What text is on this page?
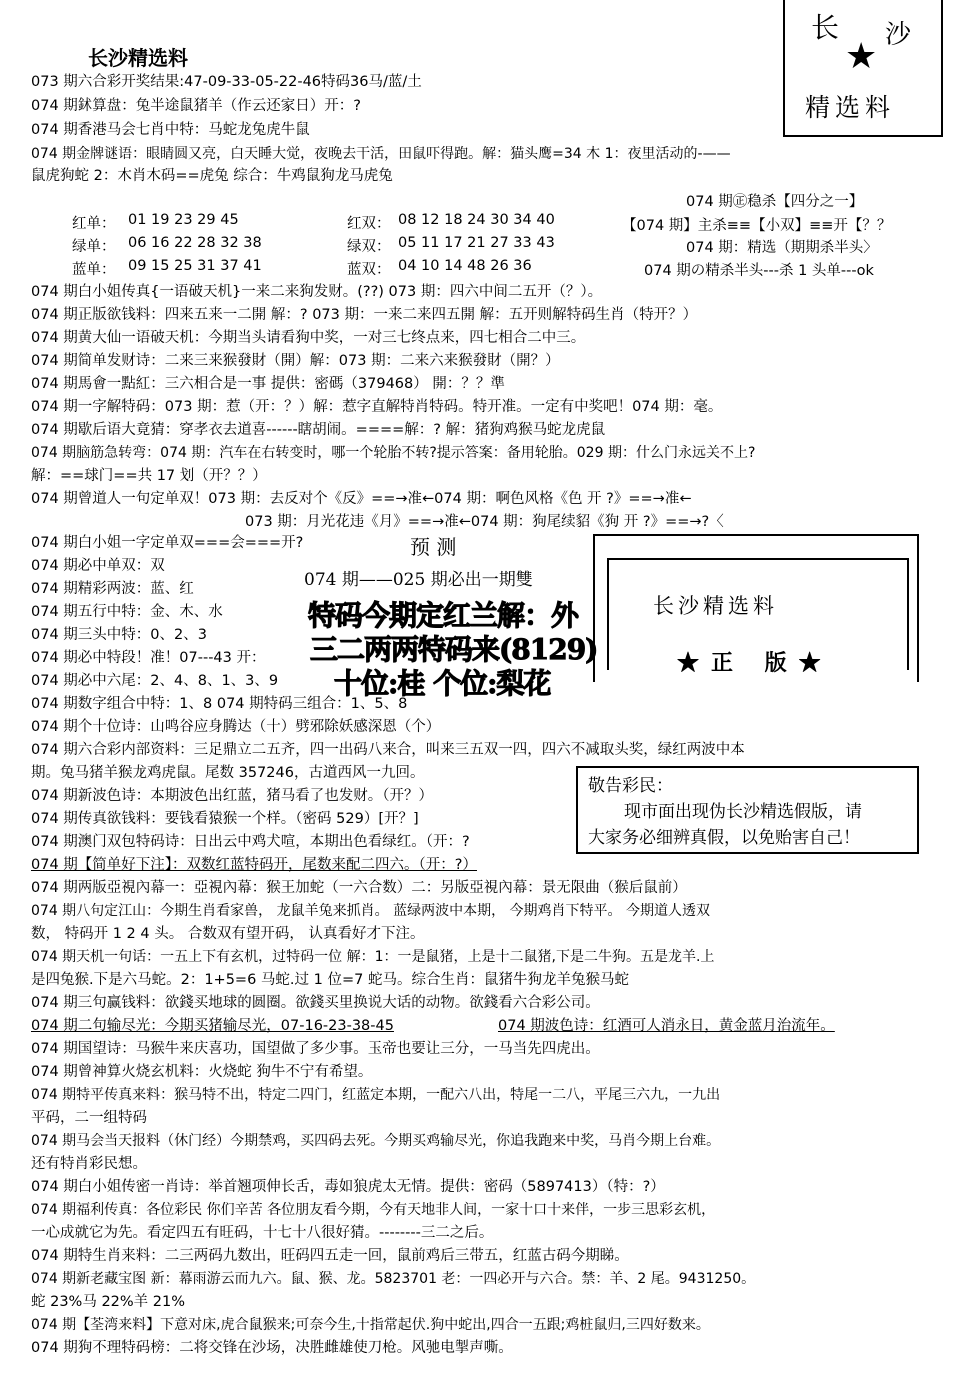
长 沙
★
精选料
长沙精选料
073 期六合彩开奖结果:47-09-33-05-22-46特码36马/蓝/土
074 期鉥算盘：兔半途鼠猪羊（作云还家日）开：?
074 期香港马会七肖中特：马蛇龙兔虎牛鼠
074 期金牌谜语：眼睛圆又亮，白天睡大觉，夜晚去干活，田鼠吓得跑。解：猫头鹰=34 木 1：夜里活动的-——
鼠虎狗蛇 2：木肖木码==虎兔 综合：牛鸡鼠狗龙马虎兔
074 期㊣稳杀【四分之一】
【074 期】主杀≡≡【小双】≡≡开【？？
074 期：精选（期期杀半头〉
074 期の精杀半头---杀 1 头单---ok
红单： 01 19 23 29 45
绿单： 06 16 22 28 32 38
蓝单： 09 15 25 31 37 41
红双： 08 12 18 24 30 34 40
绿双： 05 11 17 21 27 33 43
蓝双： 04 10 14 48 26 36
074 期白小姐传真{一语破天机}一来二来狗发财。(??) 073 期：四六中间二五开（？）。
074 期正版欲钱料：四来五来一二開 解：? 073 期：一来二来四五開 解：五开则解特码生肖（特开？）
074 期黄大仙一语破天机：今期当头请看狗中奖，一对三七终点来，四七相合二中三。
074 期简单发财诗：二来三来猴發財（開）解：073 期：二来六来猴發財（開？）
074 期馬會一點紅：三六相合是一事 提供：密碼（379468） 開：？？準
074 期一字解特码：073 期：惹（开：？）解：惹字直解特肖特码。特开准。一定有中奖吧！074 期：毫。
074 期歇后语大竟猜：穿孝衣去道喜------瞎胡闹。====解：? 解：猪狗鸡猴马蛇龙虎鼠
074 期脑筋急转弯：074 期：汽车在右转变时，哪一个轮胎不转?提示答案：备用轮胎。029 期：什么门永远关不上?
解：==球门==共 17 划（开？？）
074 期曾道人一句定单双！073 期：去反对个《反》==→准←074 期：啊色风格《色 开 ?》==→准←
073 期：月光花违《月》==→准←074 期：狗尾续貂《狗 开 ?》==→?〈
074 期白小姐一字定单双===会===开?
074 期必中单双：双
074 期精彩两波：蓝、红
074 期五行中特：金、木、水
074 期三头中特：0、2、3
074 期必中特段！准！07---43 开：
074 期必中六尾：2、4、8、1、3、9
074 期数字组合中特：1、8 074 期特码三组合：1、5、8
074 期个十位诗：山鸣谷应身腾达（十）劈邪除妖感深恩（个）
预 测
074 期——025 期必出一期雙
特码今期定红兰解：外
三二两两特码来(8129)
十位:桂 个位:梨花
长沙精选料
★正 版★
074 期六合彩内部资料：三足鼎立二五齐，四一出码八来合，叫来三五双一四，四六不减取头奖，绿红两波中本
期。兔马猪羊猴龙鸡虎鼠。尾数 357246，古道西风一九回。
074 期新波色诗：本期波色出红蓝，猪马看了也发财。（开？）
074 期传真欲钱料：要钱看猿猴一个样。（密码 529）[开？]
074 期澳门双包特码诗：日出云中鸡犬喧，本期出色看绿红。（开：?
074 期【简单好下注】：双数红蓝特码开，尾数来配二四六。（开：?）
敬告彩民：
现市面出现伪长沙精选假版，请
大家务必细辨真假，以免贻害自己！
074 期两版亞視內幕一：亞視內幕：猴王加蛇（一六合数）二：另版亞視內幕：景无限曲（猴后鼠前）
074 期八句定江山：今期生肖看家兽， 龙鼠羊兔来抓肖。 蓝绿两波中本期， 今期鸡肖下特平。 今期道人透双
数， 特码开 1 2 4 头。 合数双有望开码， 认真看好才下注。
074 期天机一句话：一五上下有玄机，过特码一位 解：1：一是鼠猪，上是十二鼠猪,下是二牛狗。五是龙羊.上
是四兔猴.下是六马蛇。2：1+5=6 马蛇.过 1 位=7 蛇马。综合生肖：鼠猪牛狗龙羊兔猴马蛇
074 期三句赢钱料：欲錢买地球的圆圈。欲錢买里换说大话的动物。欲錢看六合彩公司。
074 期二句输尽光：今期买猪输尽光，07-16-23-38-45	074 期波色诗：红酒可人消永日，黄金蓝月治流年。
074 期国望诗：马猴牛来庆喜功，国望做了多少事。玉帝也要让三分，一马当先四虎出。
074 期曾神算火烧玄机料：火烧蛇 狗牛不宁有希望。
074 期特平传真来料：猴马特不出，特定二四门，红蓝定本期，一配六八出，特尾一二八，平尾三六九，一九出
平码，二一组特码
074 期马会当天报料（休门经）今期禁鸡，买四码去死。今期买鸡输尽光，你追我跑来中奖，马肖今期上台难。
还有特肖彩民想。
074 期白小姐传密一肖诗：举首翘项伸长舌，毒如狼虎太无情。提供：密码（5897413）（特：?）
074 期福利传真：各位彩民 你们辛苦 各位朋友看今期，今有天地非人间，一家十口十来伴，一步三思彩玄机，
一心成就它为先。看定四五有旺码，十七十八很好猜。--------三二之后。
074 期特生肖来料：二三两码九数出，旺码四五走一回，鼠前鸡后三带五，红蓝古码今期睇。
074 期新老藏宝图 新：幕雨游云而九六。鼠、猴、龙。5823701 老：一四必开与六合。禁：羊、2 尾。9431250。
蛇 23%马 22%羊 21%
074 期【荃湾来料】下意对床,虎合鼠猴来;可奈今生,十指常起伏.狗中蛇出,四合一五跟;鸡桩鼠归,三四好数来。
074 期狗不理特码榜：二将交锋在沙场，决胜雌雄使刀枪。风驰电掣声嘶。
